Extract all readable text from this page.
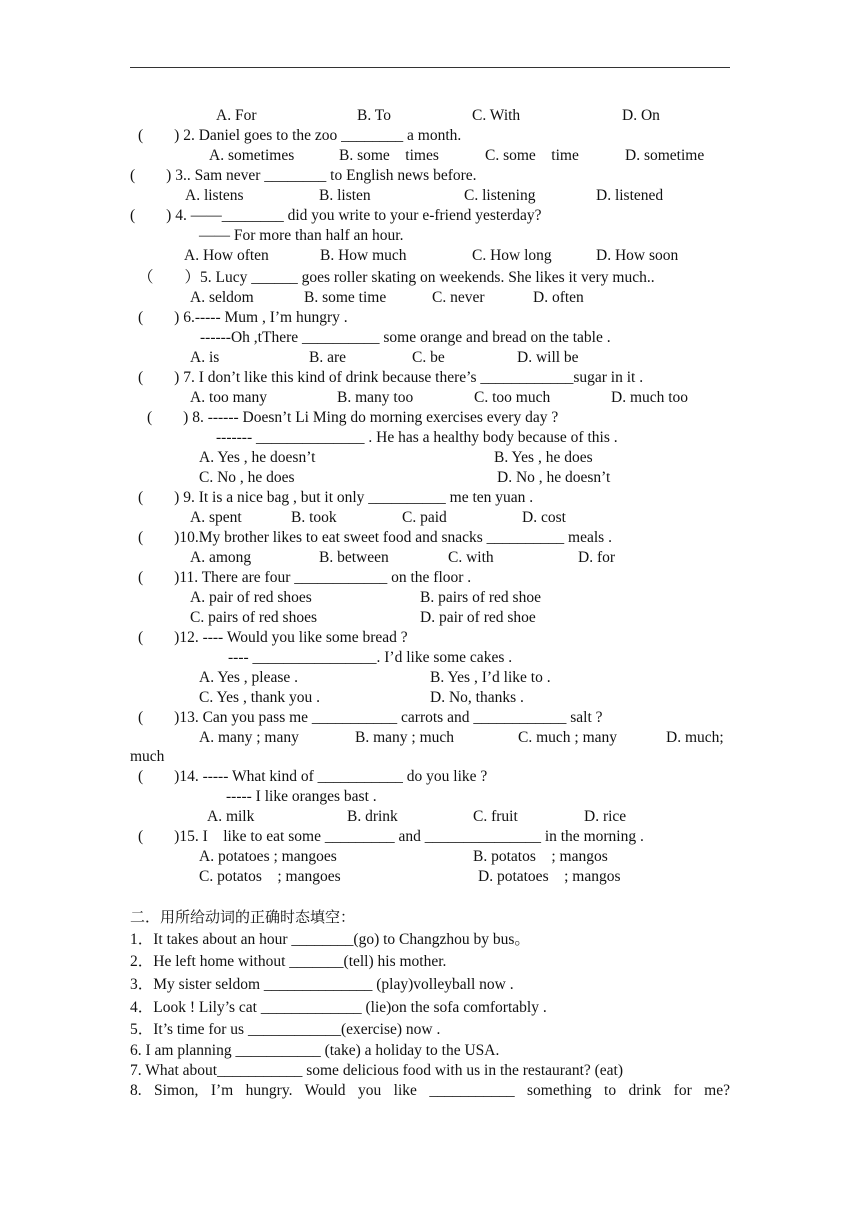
A. For	B. To	C. With	D. On
(        ) 2. Daniel goes to the zoo ________ a month.
A. sometimes	B. some    times	C. some    time	D. sometime
(        ) 3.. Sam never ________ to English news before.
A. listens	B. listen	C. listening	D. listened
(        ) 4. ——________ did you write to your e-friend yesterday?
—— For more than half an hour.
A. How often	B. How much	C. How long	D. How soon
（        ）5. Lucy ______ goes roller skating on weekends. She likes it very much..
A. seldom	B. some time	C. never	D. often
(        ) 6.----- Mum , I’m hungry .
------Oh ,tThere __________ some orange and bread on the table .
A. is	B. are	C. be	D. will be
(        ) 7. I don’t like this kind of drink because there’s ____________sugar in it .
A. too many	B. many too	C. too much	D. much too
(        ) 8. ------ Doesn’t Li Ming do morning exercises every day ?
------- ______________ . He has a healthy body because of this .
A. Yes , he doesn’t	B. Yes , he does
C. No , he does	D. No , he doesn’t
(        ) 9. It is a nice bag , but it only __________ me ten yuan .
A. spent	B. took	C. paid	D. cost
(        )10.My brother likes to eat sweet food and snacks __________ meals .
A. among	B. between	C. with	D. for
(        )11. There are four ____________ on the floor .
A. pair of red shoes	B. pairs of red shoe
C. pairs of red shoes	D. pair of red shoe
(        )12. ---- Would you like some bread ?
---- ________________. I’d like some cakes .
A. Yes , please .	B. Yes , I’d like to .
C. Yes , thank you .	D. No, thanks .
(        )13. Can you pass me ___________ carrots and ____________ salt ?
A. many ; many	B. many ; much	C. much ; many	D. much;
much
(        )14. ----- What kind of ___________ do you like ?
----- I like oranges bast .
A. milk	B. drink	C. fruit	D. rice
(        )15. I    like to eat some _________ and _______________ in the morning .
A. potatoes ; mangoes	B. potatos    ; mangos
C. potatos    ; mangoes	D. potatoes    ; mangos
二．用所给动词的正确时态填空：
1．It takes about an hour ________(go) to Changzhou by bus。
2．He left home without _______(tell) his mother.
3．My sister seldom ______________ (play)volleyball now .
4．Look ! Lily’s cat _____________ (lie)on the sofa comfortably .
5．It’s time for us ____________(exercise) now .
6. I am planning ___________ (take) a holiday to the USA.
7. What about___________ some delicious food with us in the restaurant? (eat)
8. Simon, I’m hungry. Would you like ___________ something to drink for me?
